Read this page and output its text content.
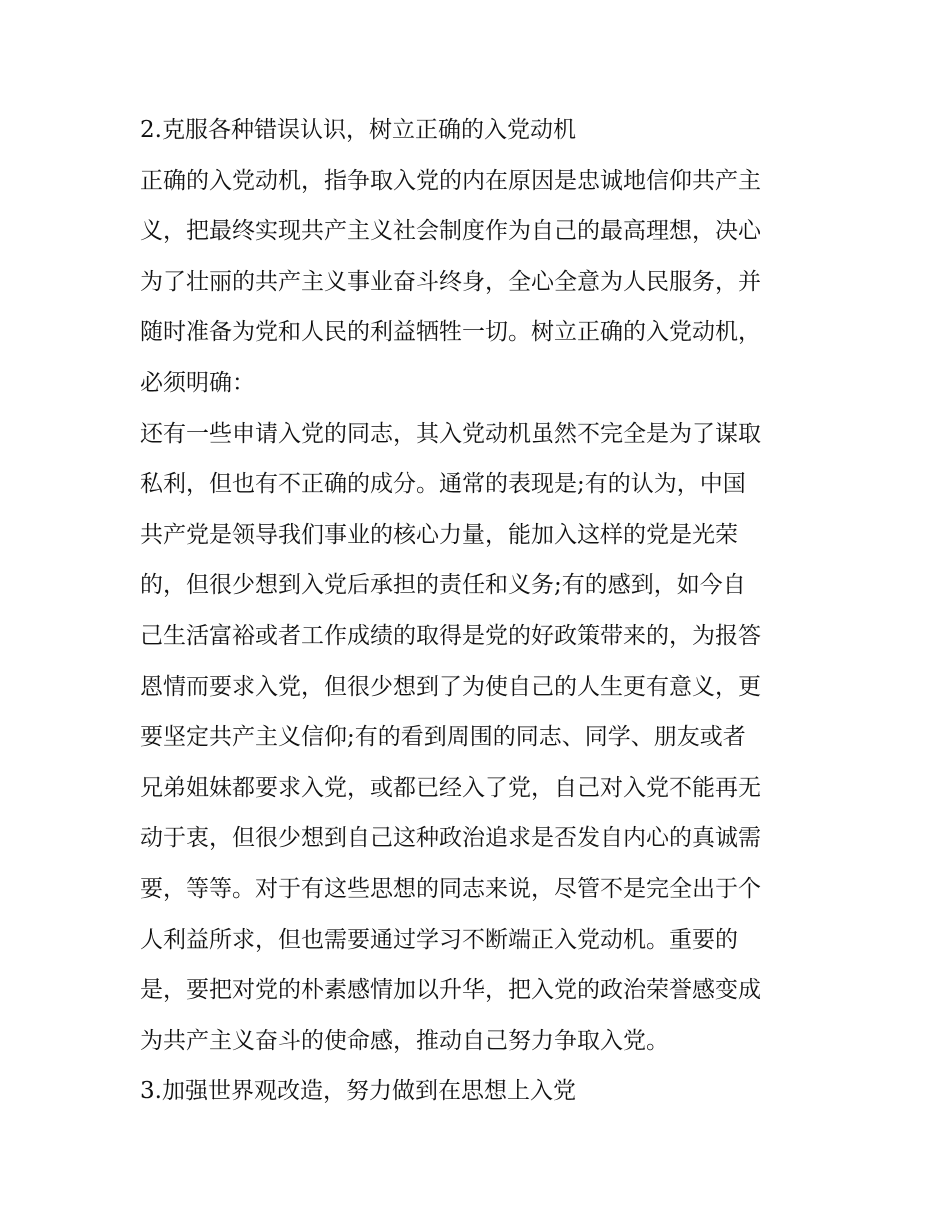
2.克服各种错误认识，树立正确的入党动机
正确的入党动机，指争取入党的内在原因是忠诚地信仰共产主
义，把最终实现共产主义社会制度作为自己的最高理想，决心
为了壮丽的共产主义事业奋斗终身，全心全意为人民服务，并
随时准备为党和人民的利益牺牲一切。树立正确的入党动机，
必须明确：
还有一些申请入党的同志，其入党动机虽然不完全是为了谋取
私利，但也有不正确的成分。通常的表现是;有的认为，中国
共产党是领导我们事业的核心力量，能加入这样的党是光荣
的，但很少想到入党后承担的责任和义务;有的感到，如今自
己生活富裕或者工作成绩的取得是党的好政策带来的，为报答
恩情而要求入党，但很少想到了为使自己的人生更有意义，更
要坚定共产主义信仰;有的看到周围的同志、同学、朋友或者
兄弟姐妹都要求入党，或都已经入了党，自己对入党不能再无
动于衷，但很少想到自己这种政治追求是否发自内心的真诚需
要，等等。对于有这些思想的同志来说，尽管不是完全出于个
人利益所求，但也需要通过学习不断端正入党动机。重要的
是，要把对党的朴素感情加以升华，把入党的政治荣誉感变成
为共产主义奋斗的使命感，推动自己努力争取入党。
3.加强世界观改造，努力做到在思想上入党
